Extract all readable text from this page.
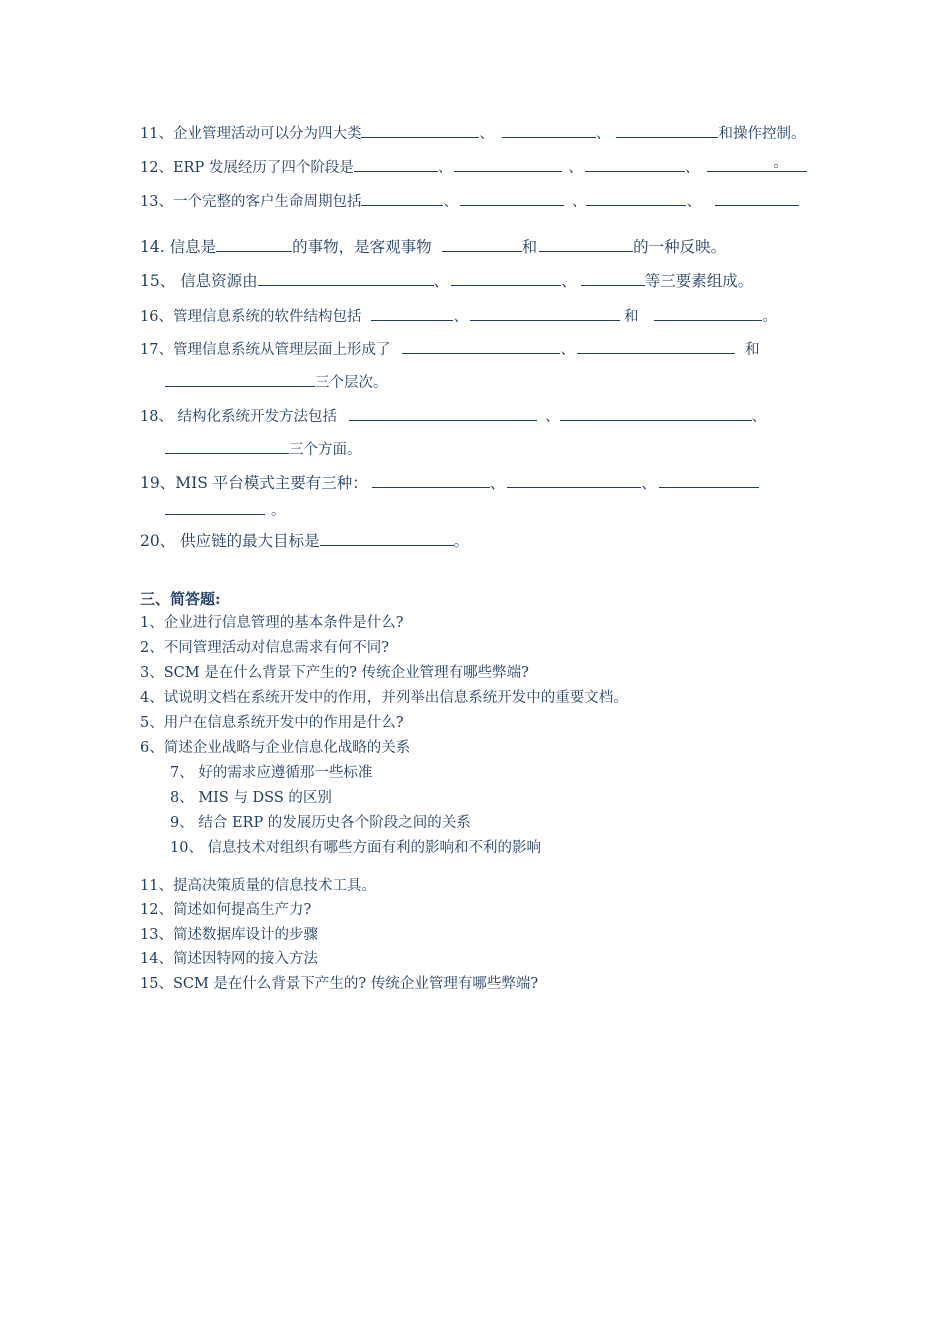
11、企业管理活动可以分为四大类	、	、	和操作控制。
12、ERP 发展经历了四个阶段是	、	、	、	。
13、一个完整的客户生命周期包括	、	、	、
14. 信息是	的事物，是客观事物	和	的一种反映。
15、 信息资源由	、	、	等三要素组成。
16、管理信息系统的软件结构包括	、	和	。
17、管理信息系统从管理层面上形成了	、	和
三个层次。
18、 结构化系统开发方法包括	、	、
三个方面。
19、MIS 平台模式主要有三种：	、	、
。
20、 供应链的最大目标是	。
三、简答题:
1、企业进行信息管理的基本条件是什么?
2、不同管理活动对信息需求有何不同?
3、SCM 是在什么背景下产生的? 传统企业管理有哪些弊端?
4、试说明文档在系统开发中的作用，并列举出信息系统开发中的重要文档。
5、用户在信息系统开发中的作用是什么?
6、简述企业战略与企业信息化战略的关系
7、 好的需求应遵循那一些标准
8、 MIS 与 DSS 的区别
9、 结合 ERP 的发展历史各个阶段之间的关系
10、 信息技术对组织有哪些方面有利的影响和不利的影响
11、提高决策质量的信息技术工具。
12、简述如何提高生产力?
13、简述数据库设计的步骤
14、简述因特网的接入方法
15、SCM 是在什么背景下产生的? 传统企业管理有哪些弊端?
